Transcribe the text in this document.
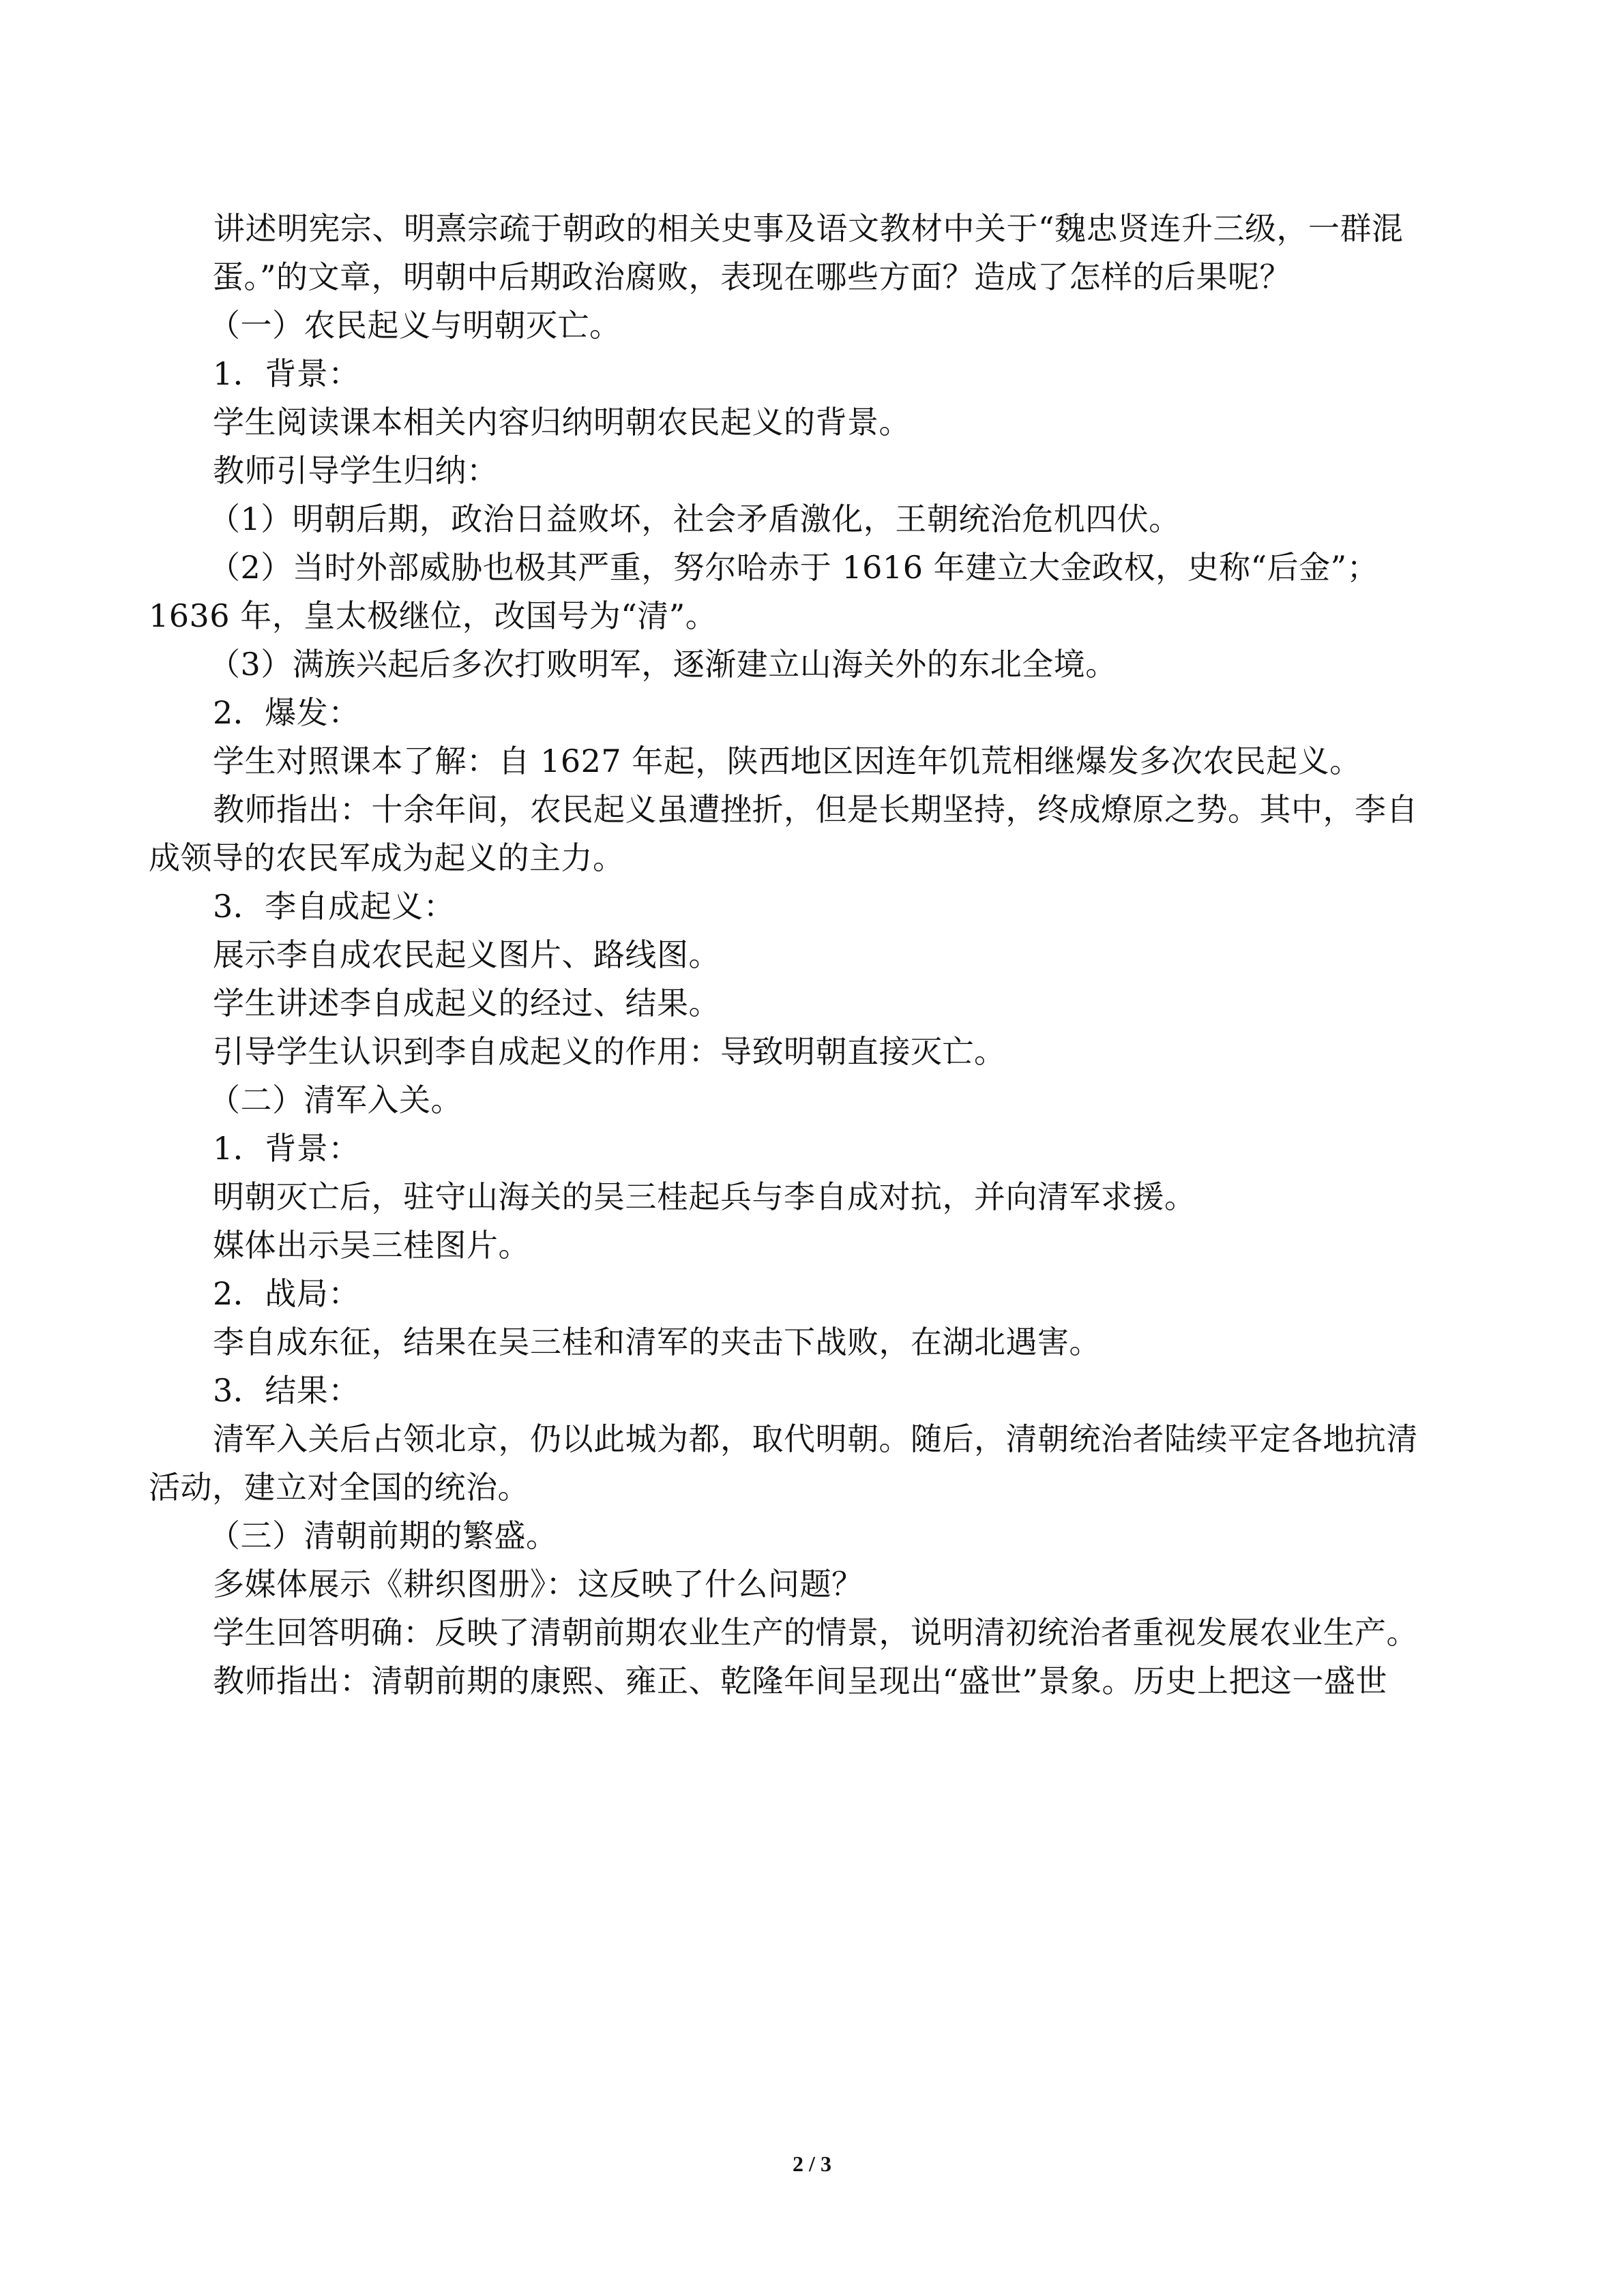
讲述明宪宗、明熹宗疏于朝政的相关史事及语文教材中关于“魏忠贤连升三级，一群混
蛋。”的文章，明朝中后期政治腐败，表现在哪些方面？造成了怎样的后果呢？

（一）农民起义与明朝灭亡。

1．背景：

学生阅读课本相关内容归纳明朝农民起义的背景。

教师引导学生归纳：

（1）明朝后期，政治日益败坏，社会矛盾激化，王朝统治危机四伏。

（2）当时外部威胁也极其严重，努尔哈赤于 1616 年建立大金政权，史称“后金”；
1636 年，皇太极继位，改国号为“清”。

（3）满族兴起后多次打败明军，逐渐建立山海关外的东北全境。

2．爆发：

学生对照课本了解：自 1627 年起，陕西地区因连年饥荒相继爆发多次农民起义。

教师指出：十余年间，农民起义虽遭挫折，但是长期坚持，终成燎原之势。其中，李自
成领导的农民军成为起义的主力。

3．李自成起义：

展示李自成农民起义图片、路线图。

学生讲述李自成起义的经过、结果。

引导学生认识到李自成起义的作用：导致明朝直接灭亡。

（二）清军入关。

1．背景：

明朝灭亡后，驻守山海关的吴三桂起兵与李自成对抗，并向清军求援。

媒体出示吴三桂图片。

2．战局：

李自成东征，结果在吴三桂和清军的夹击下战败，在湖北遇害。

3．结果：

清军入关后占领北京，仍以此城为都，取代明朝。随后，清朝统治者陆续平定各地抗清
活动，建立对全国的统治。

（三）清朝前期的繁盛。

多媒体展示《耕织图册》：这反映了什么问题？

学生回答明确：反映了清朝前期农业生产的情景，说明清初统治者重视发展农业生产。

教师指出：清朝前期的康熙、雍正、乾隆年间呈现出“盛世”景象。历史上把这一盛世

2 / 3
